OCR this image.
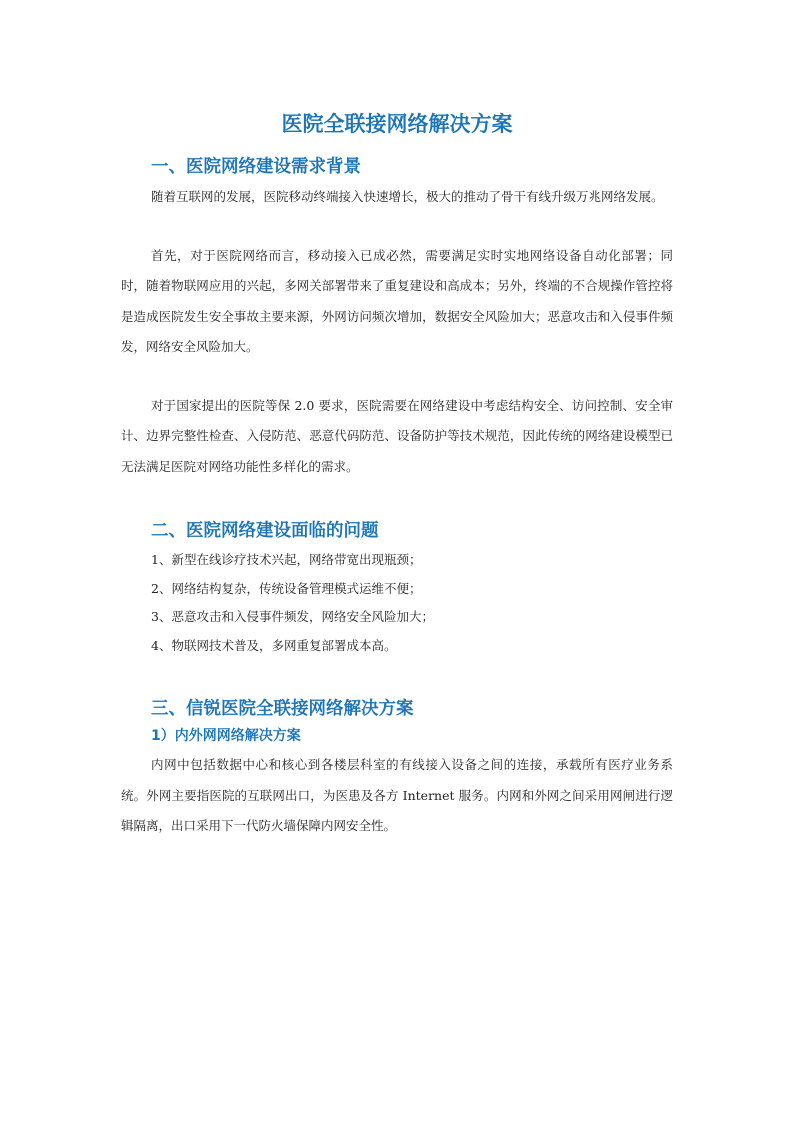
医院全联接网络解决方案
一、医院网络建设需求背景

随着互联网的发展，医院移动终端接入快速增长，极大的推动了骨干有线升级万兆网络发展。

首先，对于医院网络而言，移动接入已成必然，需要满足实时实地网络设备自动化部署；同时，随着物联网应用的兴起，多网关部署带来了重复建设和高成本；另外，终端的不合规操作管控将是造成医院发生安全事故主要来源，外网访问频次增加，数据安全风险加大；恶意攻击和入侵事件频发，网络安全风险加大。

对于国家提出的医院等保 2.0 要求，医院需要在网络建设中考虑结构安全、访问控制、安全审计、边界完整性检查、入侵防范、恶意代码防范、设备防护等技术规范，因此传统的网络建设模型已无法满足医院对网络功能性多样化的需求。

二、医院网络建设面临的问题
1、新型在线诊疗技术兴起，网络带宽出现瓶颈；
2、网络结构复杂，传统设备管理模式运维不便；
3、恶意攻击和入侵事件频发，网络安全风险加大；
4、物联网技术普及，多网重复部署成本高。
三、信锐医院全联接网络解决方案
1）内外网网络解决方案

内网中包括数据中心和核心到各楼层科室的有线接入设备之间的连接，承载所有医疗业务系统。外网主要指医院的互联网出口，为医患及各方 Internet 服务。内网和外网之间采用网闸进行逻辑隔离，出口采用下一代防火墙保障内网安全性。
